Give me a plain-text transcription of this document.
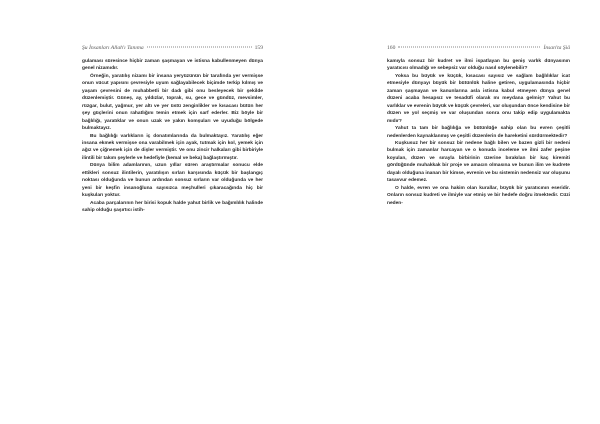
Şu İnsanları Allah'ı Tanıma	159

gulaması süresince hiçbir zaman şaşmayan ve istisna kabullenmeyen dünya genel nizamıdır.

Örneğin, yaratılış nizamı bir insana yeryüzünün bir tarafında yer vermişse onun vücut yapısını çevresiyle uyum sağlayabilecek biçimde terkip kılmış ve yaşam çevresini de muhabbetli bir dadı gibi onu besleyecek bir şekilde düzenlemiştir. Güneş, ay, yıldızlar, toprak, su, gece ve gündüz, mevsimler, rüzgar, bulut, yağmur, yer altı ve yer üstü zenginlikler ve kısacası bütün her şey güçlerini onun rahatlığını temin etmek için sarf ederler. Biz böyle bir bağlılığı, yaratıklar ve onun uzak ve yakın komşuları ve uyuduğu bölgede bulmaktayız.

Bu bağlılığı varlıkların iç donatımlarında da bulmaktayız. Yaratılış eğer insana ekmek vermişse ona varabilmek için ayak, tutmak için kol, yemek için ağız ve çiğnemek için de dişler vermiştir. Ve onu zincir halkaları gibi birbiriyle ilintili bir takım şeylerle ve hedefiyle (kemal ve beka) bağlaştırmıştır.

Dünya bilim adamlarının, uzun yıllar süren araştırmalar sonucu elde ettikleri sonsuz ilintilerin, yaratılışın sırları karşısında küçük bir başlangıç noktası olduğunda ve bunun ardından sonsuz sırların var olduğunda ve her yeni bir keşfin insanoğluna sayısızca meçhulleri çıkaracağında hiç bir kuşkuları yoktur.

Acaba parçalarının her birisi kopuk halde yahut birlik ve bağımlılık halinde sahip olduğu şaşırtıcı istih-

160	İnsan'ta Şiâ

kamıyla sonsuz bir kudret ve ilmi ispatlayan bu geniş varlık dünyasının yaratıcısı olmadığı ve sebepsiz var olduğu nasıl söylenebilir?

Yoksa bu büyük ve küçük, kısacası sayısız ve sağlam bağlılıklar icat etmesiyle dünyayı büyük bir bütünlük haline getiren, uygulamasında hiçbir zaman şaşmayan ve kanunlarına asla istisna kabul etmeyen dünya genel düzeni acaba hesapsız ve tesadüfi olarak mı meydana gelmiş? Yahut bu varlıklar ve evrenin büyük ve küçük çevreleri, var oluşundan önce kendisine bir düzen ve yol seçmiş ve var oluşundan sonra onu takip edip uygulamakta mıdır?

Yahut ta tam bir bağlılığa ve bütünlüğe sahip olan bu evren çeşitli nedenlerden kaynaklanmış ve çeşitli düzenlerin de hareketini sürdürmektedir?

Kuşkusuz her bir sonsuz bir nedene bağlı bilen ve bazen gizli bir nedeni bulmak için zamanlar harcayan ve o konuda inceleme ve ilmi zafer peşine koyulan, düzen ve sırayla birbirinin üzerine bırakılan bir kaç kiremiti gördüğünde muhakkak bir proje ve amacın olmasına ve bunun ilim ve kudrete dayalı olduğuna inanan bir kimse, evrenin ve bu sistemin nedensiz var oluşunu tasavvur edemez.

O halde, evren ve ona hakim olan kurallar, büyük bir yaratıcının eseridir. Onların sonsuz kudreti ve ilmiyle var etmiş ve bir hedefe doğru itmektedir. Cüzi neden-
